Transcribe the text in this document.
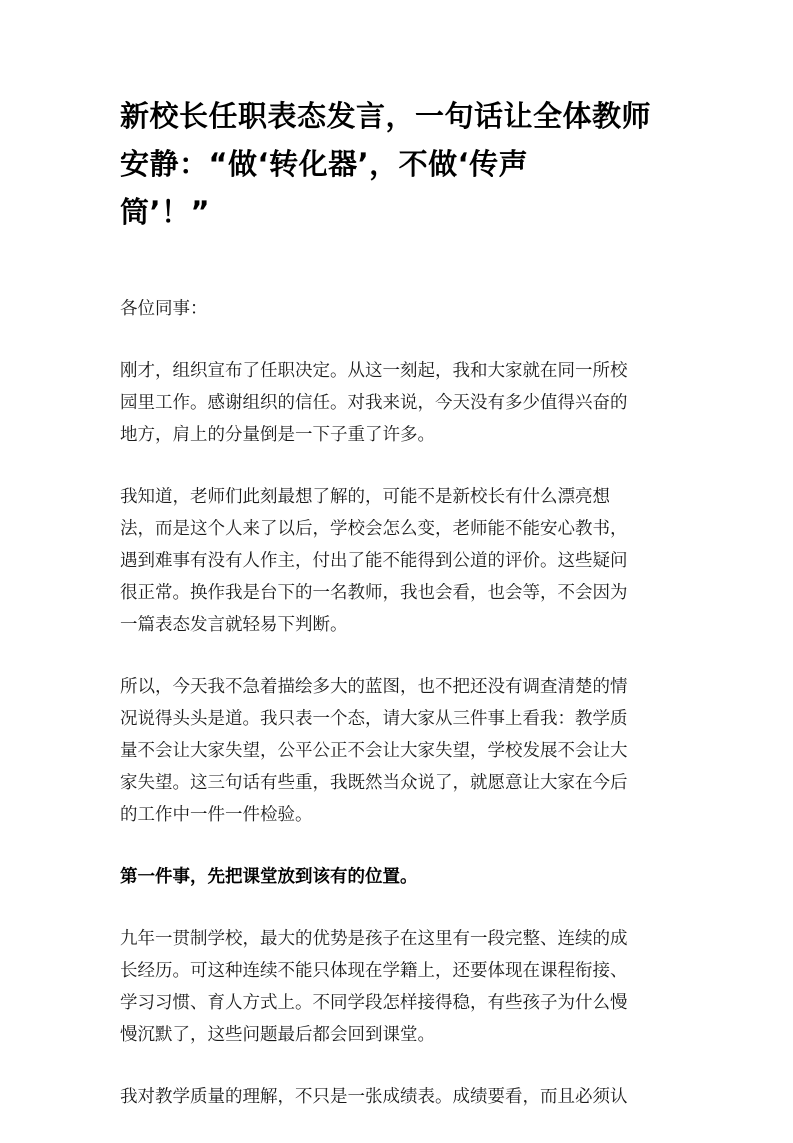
新校长任职表态发言，一句话让全体教师
安静：“做‘转化器’，不做‘传声
筒’！”

各位同事：

刚才，组织宣布了任职决定。从这一刻起，我和大家就在同一所校
园里工作。感谢组织的信任。对我来说，今天没有多少值得兴奋的
地方，肩上的分量倒是一下子重了许多。

我知道，老师们此刻最想了解的，可能不是新校长有什么漂亮想
法，而是这个人来了以后，学校会怎么变，老师能不能安心教书，
遇到难事有没有人作主，付出了能不能得到公道的评价。这些疑问
很正常。换作我是台下的一名教师，我也会看，也会等，不会因为
一篇表态发言就轻易下判断。

所以，今天我不急着描绘多大的蓝图，也不把还没有调查清楚的情
况说得头头是道。我只表一个态，请大家从三件事上看我：教学质
量不会让大家失望，公平公正不会让大家失望，学校发展不会让大
家失望。这三句话有些重，我既然当众说了，就愿意让大家在今后
的工作中一件一件检验。

第一件事，先把课堂放到该有的位置。

九年一贯制学校，最大的优势是孩子在这里有一段完整、连续的成
长经历。可这种连续不能只体现在学籍上，还要体现在课程衔接、
学习习惯、育人方式上。不同学段怎样接得稳，有些孩子为什么慢
慢沉默了，这些问题最后都会回到课堂。

我对教学质量的理解，不只是一张成绩表。成绩要看，而且必须认
